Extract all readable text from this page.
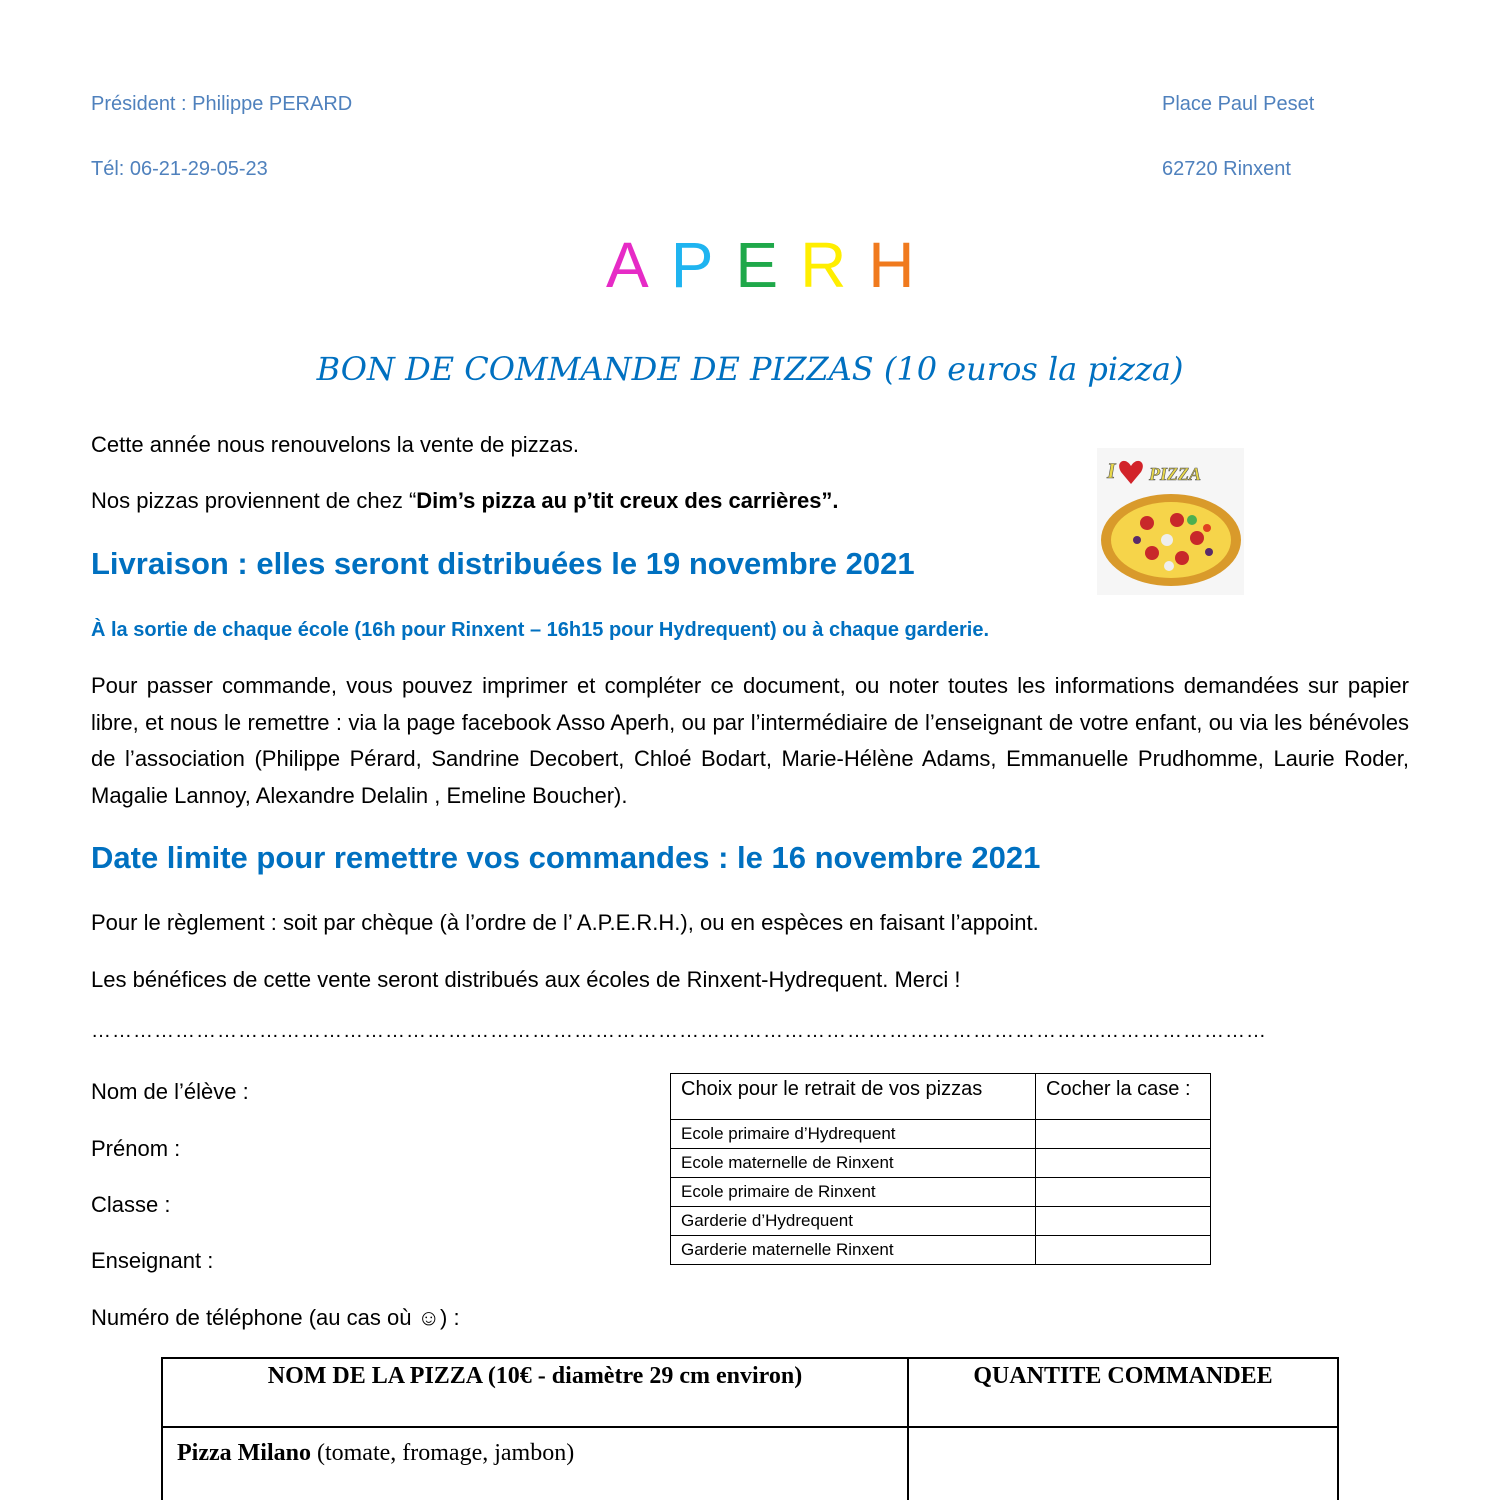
Président : Philippe PERARD
Tél: 06-21-29-05-23
Place Paul Peset
62720 Rinxent
A P E R H
BON DE COMMANDE DE PIZZAS (10 euros la pizza)
Cette année nous renouvelons la vente de pizzas.
Nos pizzas proviennent de chez “Dim’s pizza au p’tit creux des carrières”.
I PIZZA
Livraison : elles seront distribuées le 19 novembre 2021
À la sortie de chaque école (16h pour Rinxent – 16h15 pour Hydrequent) ou à chaque garderie.
Pour passer commande, vous pouvez imprimer et compléter ce document, ou noter toutes les informations demandées sur papier libre, et nous le remettre : via la page facebook Asso Aperh, ou par l’intermédiaire de l’enseignant de votre enfant, ou via les bénévoles de l’association (Philippe Pérard, Sandrine Decobert, Chloé Bodart, Marie-Hélène Adams, Emmanuelle Prudhomme, Laurie Roder, Magalie Lannoy, Alexandre Delalin , Emeline Boucher).
Date limite pour remettre vos commandes : le 16 novembre 2021
Pour le règlement : soit par chèque (à l’ordre de l’ A.P.E.R.H.), ou en espèces en faisant l’appoint.
Les bénéfices de cette vente seront distribués aux écoles de Rinxent-Hydrequent. Merci !
……………………………………………………………………………………………………………………………………………………
Nom de l’élève :
Prénom :
Classe :
Enseignant :
Numéro de téléphone (au cas où ☺) :
Choix pour le retrait de vos pizzas	Cocher la case :
Ecole primaire d’Hydrequent	
Ecole maternelle de Rinxent	
Ecole primaire de Rinxent	
Garderie d’Hydrequent	
Garderie maternelle Rinxent	
NOM DE LA PIZZA (10€ - diamètre 29 cm environ)	QUANTITE COMMANDEE
Pizza Milano (tomate, fromage, jambon)	
